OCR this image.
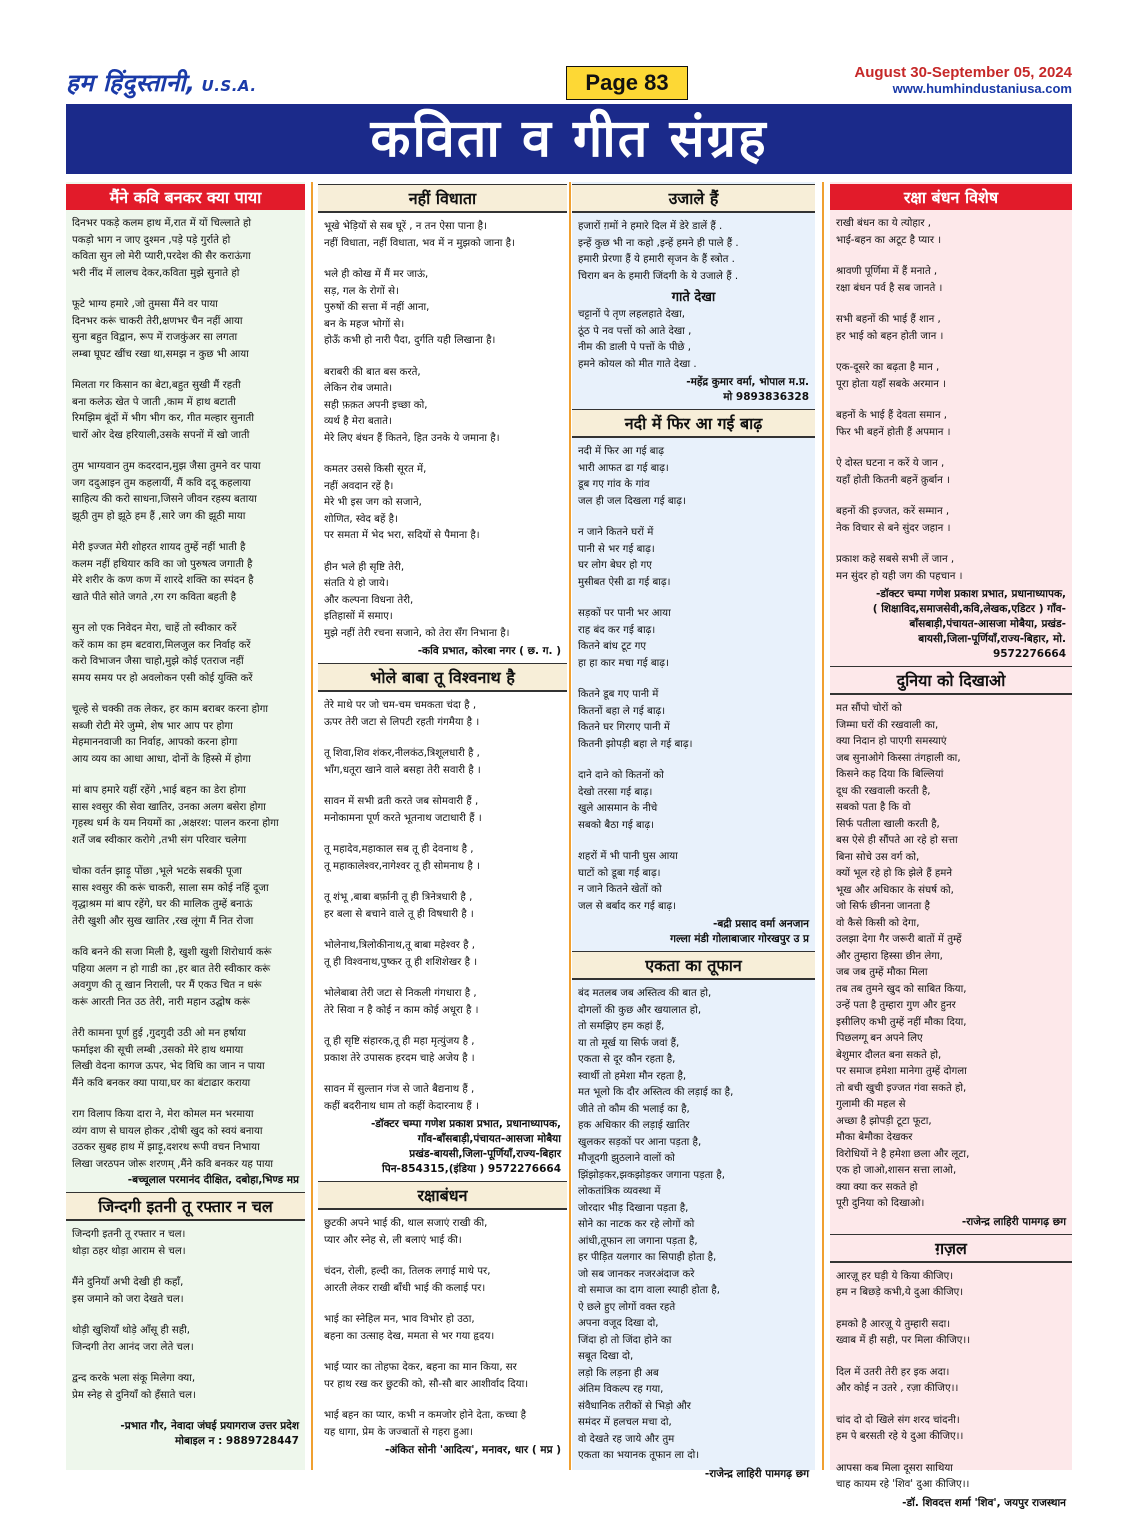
हम हिंदुस्तानी, U.S.A.	Page 83	August 30-September 05, 2024
www.humhindustaniusa.com
कविता व गीत संग्रह
मैंने कवि बनकर क्या पाया

दिनभर पकड़े कलम हाथ में,रात में यों चिल्लाते हो
पकड़ो भाग न जाए दुश्मन ,पड़े पड़े गुर्राते हो
कविता सुन लो मेरी प्यारी,परदेश की सैर कराऊंगा
भरी नींद में लालच देकर,कविता मुझे सुनाते हो

फूटे भाग्य हमारे ,जो तुमसा मैंने वर पाया
दिनभर करूं चाकरी तेरी,क्षणभर चैन नहीं आया
सुना बहुत विद्वान, रूप में राजकुंअर सा लगता
लम्बा घूघट खींच रखा था,समझ न कुछ भी आया

मिलता गर किसान का बेटा,बहुत सुखी मैं रहती
बना कलेऊ खेत पे जाती ,काम में हाथ बटाती
रिमझिम बूंदों में भीग भीग कर, गीत मल्हार सुनाती
चारों ओर देख हरियाली,उसके सपनों में खो जाती

तुम भाग्यवान तुम कदरदान,मुझ जैसा तुमने वर पाया
जग ददुआइन तुम कहलायीं, मैं कवि ददू कहलाया
साहित्य की करो साधना,जिसने जीवन रहस्य बताया
झूठी तुम हो झूठे हम हैं ,सारे जग की झूठी माया

मेरी इज्जत मेरी शोहरत शायद तुम्हें नहीं भाती है
कलम नहीं हथियार कवि का जो पुरुषत्व जगाती है
मेरे शरीर के कण कण में शारदे शक्ति का स्पंदन है
खाते पीते सोते जगते ,रग रग कविता बहती है

सुन लो एक निवेदन मेरा, चाहें तो स्वीकार करें
करें काम का हम बटवारा,मिलजुल कर निर्वाह करें
करो विभाजन जैसा चाहो,मुझे कोई एतराज नहीं
समय समय पर हो अवलोकन एसी कोई युक्ति करें

चूल्हे से चक्की तक लेकर, हर काम बराबर करना होगा
सब्जी रोटी मेरे जुम्मे, शेष भार आप पर होगा
मेहमाननवाजी का निर्वाह, आपको करना होगा
आय व्यय का आधा आधा, दोनों के हिस्से में होगा

मां बाप हमारे यहीं रहेंगे ,भाई बहन का डेरा होगा
सास श्वसुर की सेवा खातिर, उनका अलग बसेरा होगा
गृहस्थ धर्म के यम नियमों का ,अक्षरश: पालन करना होगा
शर्तें जब स्वीकार करोगे ,तभी संग परिवार चलेगा

चोका वर्तन झाड़ू पोंछा ,भूले भटके सबकी पूजा
सास श्वसुर की करूं चाकरी, साला सम कोई नहिं दूजा
वृद्धाश्रम मां बाप रहेंगे, घर की मालिक तुम्हें बनाऊं
तेरी खुशी और सुख खातिर ,रख लूंगा मैं नित रोजा

कवि बनने की सजा मिली है, खुशी खुशी शिरोधार्य करूं
पहिया अलग न हो गाडी का ,हर बात तेरी स्वीकार करूं
अवगुण की तू खान निराली, पर मैं एकउ चित न धरूं
करूं आरती नित उठ तेरी, नारी महान उद्घोष करूं

तेरी कामना पूर्ण हुई ,गुदगुदी उठी ओ मन हर्षाया
फर्माइश की सूची लम्बी ,उसको मेरे हाथ थमाया
लिखी वेदना कागज ऊपर, भेद विधि का जान न पाया
मैंने कवि बनकर क्या पाया,घर का बंटाढार कराया

राग विलाप किया दारा ने, मेरा कोमल मन भरमाया
व्यंग वाण से घायल होकर ,दोषी खुद को स्वयं बनाया
उठकर सुबह हाथ में झाड़ू,दशरथ रूपी वचन निभाया
लिखा जरठपन जोरू शरणम् ,मैंने कवि बनकर यह पाया

-बच्चूलाल परमानंद दीक्षित, दबोहा,भिण्ड मप्र

जिन्दगी इतनी तू रफ्तार न चल

जिन्दगी इतनी तू रफ्तार न चल।
थोड़ा ठहर थोड़ा आराम से चल।

मैंने दुनियाँ अभी देखी ही कहाँ,
इस जमाने को जरा देखते चल।

थोड़ी खुशियाँ थोड़े आँसू ही सही,
जिन्दगी तेरा आनंद जरा लेते चल।

द्वन्द करके भला संकू मिलेगा क्या,
प्रेम स्नेह से दुनियाँ को हँसाते चल।

-प्रभात गौर, नेवादा जंघई प्रयागराज उत्तर प्रदेश
मोबाइल न : 9889728447

नहीं विधाता

भूखे भेड़ियों से सब घूरें , न तन ऐसा पाना है।
नहीं विधाता, नहीं विधाता, भव में न मुझको जाना है।

भले ही कोख में मैं मर जाऊं,
सड़, गल के रोगों से।
पुरुषों की सत्ता में नहीं आना,
बन के महज भोगों से।
होऊँ कभी हो नारी पैदा, दुर्गति यही लिखाना है।

बराबरी की बात बस करते,
लेकिन रोब जमाते।
सही फ़क़त अपनी इच्छा को,
व्यर्थ है मेरा बताते।
मेरे लिए बंधन हैं कितने, हित उनके ये जमाना है।

कमतर उससे किसी सूरत में,
नहीं अवदान रहें है।
मेरे भी इस जग को सजाने,
शोणित, स्वेद बहें है।
पर समता में भेद भरा, सदियों से पैमाना है।

हीन भले ही सृष्टि तेरी,
संतति ये हो जाये।
और कल्पना विधना तेरी,
इतिहासों में समाए।
मुझे नहीं तेरी रचना सजाने, को तेरा सँग निभाना है।

-कवि प्रभात, कोरबा नगर ( छ. ग. )

भोले बाबा तू विश्वनाथ है

तेरे माथे पर जो चम-चम चमकता चंदा है ,
ऊपर तेरी जटा से लिपटी रहती गंगमैया है ।

तू शिवा,शिव शंकर,नीलकंठ,त्रिशूलधारी है ,
भाँग,धतूरा खाने वाले बसहा तेरी सवारी है ।

सावन में सभी व्रती करते जब सोमवारी हैं ,
मनोकामना पूर्ण करते भूतनाथ जटाधारी हैं ।

तू महादेव,महाकाल सब तू ही देवनाथ है ,
तू महाकालेश्वर,नागेश्वर तू ही सोमनाथ है ।

तू शंभू ,बाबा बर्फ़ानी तू ही त्रिनेत्रधारी है ,
हर बला से बचाने वाले तू ही विषधारी है ।

भोलेनाथ,त्रिलोकीनाथ,तू बाबा महेश्वर है ,
तू ही विश्वनाथ,पुष्कर तू ही शशिशेखर है ।

भोलेबाबा तेरी जटा से निकली गंगधारा है ,
तेरे सिवा न है कोई न काम कोई अधूरा है ।

तू ही सृष्टि संहारक,तू ही महा मृत्युंजय है ,
प्रकाश तेरे उपासक हरदम चाहे अजेय है ।

सावन में सुल्तान गंज से जाते बैद्यनाथ हैं ,
कहीं बदरीनाथ धाम तो कहीं केदारनाथ हैं ।

-डॉक्टर चम्पा गणेश प्रकाश प्रभात, प्रधानाध्यापक,
गाँव-बाँसबाड़ी,पंचायत-आसजा मोबैया
प्रखंड-बायसी,जिला-पूर्णियाँ,राज्य-बिहार
पिन-854315,(इंडिया ) 9572276664

रक्षाबंधन

छुटकी अपने भाई की, थाल सजाएं राखी की,
प्यार और स्नेह से, ली बलाएं भाई की।

चंदन, रोली, हल्दी का, तिलक लगाई माथे पर,
आरती लेकर राखी बाँधी भाई की कलाई पर।

भाई का स्नेहिल मन, भाव विभोर हो उठा,
बहना का उत्साह देख, ममता से भर गया हृदय।

भाई प्यार का तोहफा देकर, बहना का मान किया, सर
पर हाथ रख कर छुटकी को, सौ-सौ बार आशीर्वाद दिया।

भाई बहन का प्यार, कभी न कमजोर होने देता, कच्चा है
यह धागा, प्रेम के जज्बातों से गहरा हुआ।

-अंकित सोनी 'आदित्य', मनावर, धार ( मप्र )

उजाले हैं

हजारों ग़मों ने हमारे दिल में डेरे डालें हैं .
इन्हें कुछ भी ना कहो ,इन्हें हमने ही पाले हैं .
हमारी प्रेरणा हैं ये हमारी सृजन के हैं स्त्रोत .
चिराग बन के हमारी जिंदगी के ये उजाले हैं .

गाते देखा

चट्टानों पे तृण लहलहाते देखा,
ठूंठ पे नव पत्तों को आते देखा ,
नीम की डाली पे पत्तों के पीछे ,
हमने कोयल को मीत गाते देखा .

-महेंद्र कुमार वर्मा, भोपाल म.प्र.
मो 9893836328

नदी में फिर आ गई बाढ़

नदी में फिर आ गई बाढ़
भारी आफत ढा गई बाढ़।
डूब गए गांव के गांव
जल ही जल दिखला गई बाढ़।

न जाने कितने घरों में
पानी से भर गई बाढ़।
घर लोग बेघर हो गए
मुसीबत ऐसी ढा गई बाढ़।

सड़कों पर पानी भर आया
राह बंद कर गई बाढ़।
कितने बांध टूट गए
हा हा कार मचा गई बाढ़।

कितने डूब गए पानी में
कितनों बहा ले गई बाढ़।
कितने घर गिरगए पानी में
कितनी झोपड़ी बहा ले गई बाढ़।

दाने दाने को कितनों को
देखो तरसा गई बाढ़।
खुले आसमान के नीचे
सबको बैठा गई बाढ़।

शहरों में भी पानी घुस आया
घाटों को डूबा गई बाढ़।
न जाने कितने खेतों को
जल से बर्बाद कर गई बाढ़।

-बद्री प्रसाद वर्मा अनजान
गल्ला मंडी गोलाबाजार गोरखपुर उ प्र

एकता का तूफान

बंद मतलब जब अस्तित्व की बात हो,
दोगलों की कुछ और खयालात हो,
तो समझिए हम कहां हैं,
या तो मूर्ख या सिर्फ जवां हैं,
एकता से दूर कौन रहता है,
स्वार्थी तो हमेशा मौन रहता है,
मत भूलो कि दौर अस्तित्व की लड़ाई का है,
जीते तो कौम की भलाई का है,
हक अधिकार की लड़ाई खातिर
खुलकर सड़कों पर आना पड़ता है,
मौजूदगी झुठलाने वालों को
झिंझोड़कर,झकझोड़कर जगाना पड़ता है,
लोकतांत्रिक व्यवस्था में
जोरदार भीड़ दिखाना पड़ता है,
सोने का नाटक कर रहे लोगों को
आंधी,तूफान ला जगाना पड़ता है,
हर पीड़ित यलगार का सिपाही होता है,
जो सब जानकर नजरअंदाज करे
वो समाज का दाग वाला स्याही होता है,
ऐ छले हुए लोगों वक्त रहते
अपना वजूद दिखा दो,
जिंदा हो तो जिंदा होने का
सबूत दिखा दो,
लड़ो कि लड़ना ही अब
अंतिम विकल्प रह गया,
संवैधानिक तरीकों से भिड़ो और
समंदर में हलचल मचा दो,
वो देखते रह जाये और तुम
एकता का भयानक तूफान ला दो।

-राजेन्द्र लाहिरी पामगढ़ छग

रक्षा बंधन विशेष

राखी बंधन का ये त्योहार ,
भाई-बहन का अटूट है प्यार ।

श्रावणी पूर्णिमा में हैं मनाते ,
रक्षा बंधन पर्व है सब जानते ।

सभी बहनों की भाई हैं शान ,
हर भाई को बहन होती जान ।

एक-दूसरे का बढ़ता है मान ,
पूरा होता यहाँ सबके अरमान ।

बहनों के भाई हैं देवता समान ,
फिर भी बहनें होती हैं अपमान ।

ऐ दोस्त घटना न करें ये जान ,
यहाँ होती कितनी बहनें क़ुर्बान ।

बहनों की इज्जत, करें सम्मान ,
नेक विचार से बने सुंदर जहान ।

प्रकाश कहे सबसे सभी लें जान ,
मन सुंदर हो यही जग की पहचान ।

-डॉक्टर चम्पा गणेश प्रकाश प्रभात, प्रधानाध्यापक,
( शिक्षाविद,समाजसेवी,कवि,लेखक,एडिटर ) गाँव-
बाँसबाड़ी,पंचायत-आसजा मोबैया, प्रखंड-
बायसी,जिला-पूर्णियाँ,राज्य-बिहार, मो.
9572276664

दुनिया को दिखाओ

मत सौंपो चोरों को
जिम्मा घरों की रखवाली का,
क्या निदान हो पाएगी समस्याएं
जब सुनाओगे किस्सा तंगहाली का,
किसने कह दिया कि बिल्लियां
दूध की रखवाली करती है,
सबको पता है कि वो
सिर्फ पतीला खाली करती है,
बस ऐसे ही सौंपते आ रहे हो सत्ता
बिना सोचे उस वर्ग को,
क्यों भूल रहे हो कि झेले हैं हमने
भूख और अधिकार के संघर्ष को,
जो सिर्फ छीनना जानता है
वो कैसे किसी को देगा,
उलझा देगा गैर जरूरी बातों में तुम्हें
और तुम्हारा हिस्सा छीन लेगा,
जब जब तुम्हें मौका मिला
तब तब तुमने खुद को साबित किया,
उन्हें पता है तुम्हारा गुण और हुनर
इसीलिए कभी तुम्हें नहीं मौका दिया,
पिछलग्गू बन अपने लिए
बेशुमार दौलत बना सकते हो,
पर समाज हमेशा मानेगा तुम्हें दोगला
तो बची खुची इज्जत गंवा सकते हो,
गुलामी की महल से
अच्छा है झोपड़ी टूटा फूटा,
मौका बेमौका देखकर
विरोधियों ने है हमेशा छला और लूटा,
एक हो जाओ,शासन सत्ता लाओ,
क्या क्या कर सकते हो
पूरी दुनिया को दिखाओ।

-राजेन्द्र लाहिरी पामगढ़ छग

ग़ज़ल

आरज़ू हर घड़ी ये किया कीजिए।
हम न बिछड़े कभी,ये दुआ कीजिए।

हमको है आरज़ू ये तुम्हारी सदा।
ख्वाब में ही सही, पर मिला कीजिए।।

दिल में उतरी तेरी हर इक अदा।
और कोई न उतरे , रज़ा कीजिए।।

चांद दो दो खिले संग शरद चांदनी।
हम पे बरसती रहे ये दुआ कीजिए।।

आपसा कब मिला दूसरा साथिया
चाह कायम रहे 'शिव' दुआ कीजिए।।

-डॉ. शिवदत्त शर्मा 'शिव', जयपुर राजस्थान
